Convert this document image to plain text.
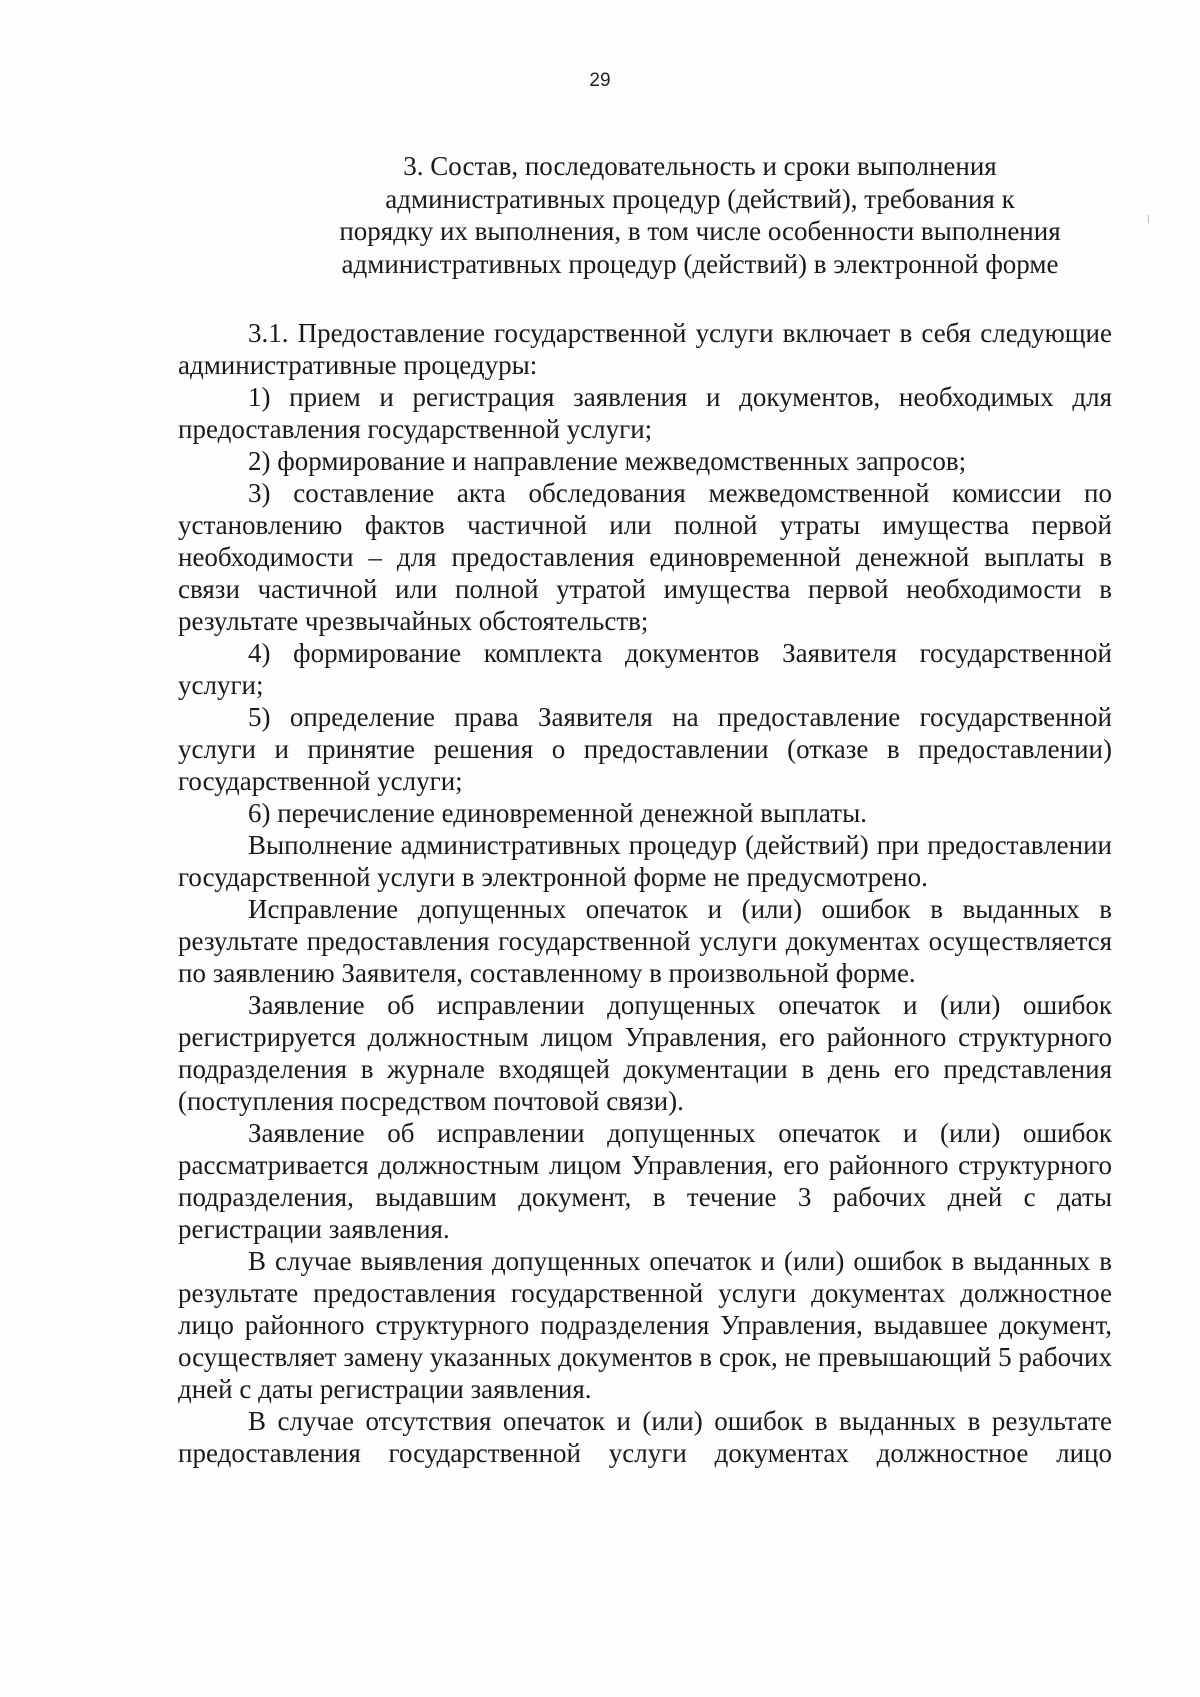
29
3. Состав, последовательность и сроки выполнения
административных процедур (действий), требования к
порядку их выполнения, в том числе особенности выполнения
административных процедур (действий) в электронной форме

3.1. Предоставление государственной услуги включает в себя следующие административные процедуры:

1) прием и регистрация заявления и документов, необходимых для предоставления государственной услуги;

2) формирование и направление межведомственных запросов;

3) составление акта обследования межведомственной комиссии по установлению фактов частичной или полной утраты имущества первой необходимости – для предоставления единовременной денежной выплаты в связи частичной или полной утратой имущества первой необходимости в результате чрезвычайных обстоятельств;

4) формирование комплекта документов Заявителя государственной услуги;

5) определение права Заявителя на предоставление государственной услуги и принятие решения о предоставлении (отказе в предоставлении) государственной услуги;

6) перечисление единовременной денежной выплаты.

Выполнение административных процедур (действий) при предоставлении государственной услуги в электронной форме не предусмотрено.

Исправление допущенных опечаток и (или) ошибок в выданных в результате предоставления государственной услуги документах осуществляется по заявлению Заявителя, составленному в произвольной форме.

Заявление об исправлении допущенных опечаток и (или) ошибок регистрируется должностным лицом Управления, его районного структурного подразделения в журнале входящей документации в день его представления (поступления посредством почтовой связи).

Заявление об исправлении допущенных опечаток и (или) ошибок рассматривается должностным лицом Управления, его районного структурного подразделения, выдавшим документ, в течение 3 рабочих дней с даты регистрации заявления.

В случае выявления допущенных опечаток и (или) ошибок в выданных в результате предоставления государственной услуги документах должностное лицо районного структурного подразделения Управления, выдавшее документ, осуществляет замену указанных документов в срок, не превышающий 5 рабочих дней с даты регистрации заявления.

В случае отсутствия опечаток и (или) ошибок в выданных в результате предоставления государственной услуги документах должностное лицо
